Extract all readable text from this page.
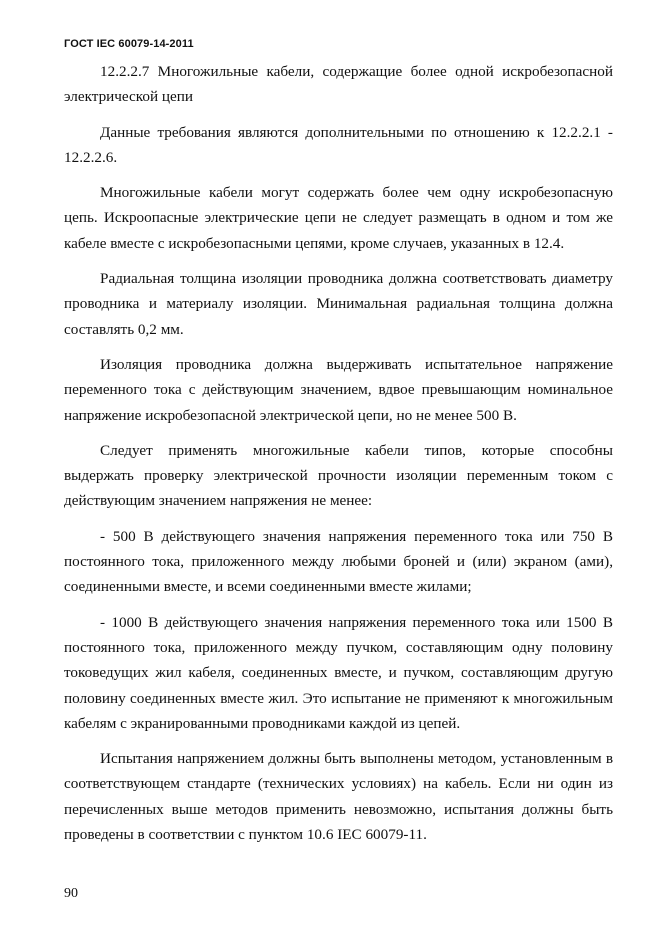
ГОСТ IEC 60079-14-2011

12.2.2.7 Многожильные кабели, содержащие более одной искробезопасной электрической цепи

Данные требования являются дополнительными по отношению к 12.2.2.1 - 12.2.2.6.

Многожильные кабели могут содержать более чем одну искробезопасную цепь. Искроопасные электрические цепи не следует размещать в одном и том же кабеле вместе с искробезопасными цепями, кроме случаев, указанных в 12.4.

Радиальная толщина изоляции проводника должна соответствовать диаметру проводника и материалу изоляции. Минимальная радиальная толщина должна составлять 0,2 мм.

Изоляция проводника должна выдерживать испытательное напряжение переменного тока с действующим значением, вдвое превышающим номинальное напряжение искробезопасной электрической цепи, но не менее 500 В.

Следует применять многожильные кабели типов, которые способны выдержать проверку электрической прочности изоляции переменным током с действующим значением напряжения не менее:

- 500 В действующего значения напряжения переменного тока или 750 В постоянного тока, приложенного между любыми броней и (или) экраном (ами), соединенными вместе, и всеми соединенными вместе жилами;

- 1000 В действующего значения напряжения переменного тока или 1500 В постоянного тока, приложенного между пучком, составляющим одну половину токоведущих жил кабеля, соединенных вместе, и пучком, составляющим другую половину соединенных вместе жил. Это испытание не применяют к многожильным кабелям с экранированными проводниками каждой из цепей.

Испытания напряжением должны быть выполнены методом, установленным в соответствующем стандарте (технических условиях) на кабель. Если ни один из перечисленных выше методов применить невозможно, испытания должны быть проведены в соответствии с пунктом 10.6 IEC 60079-11.

90
